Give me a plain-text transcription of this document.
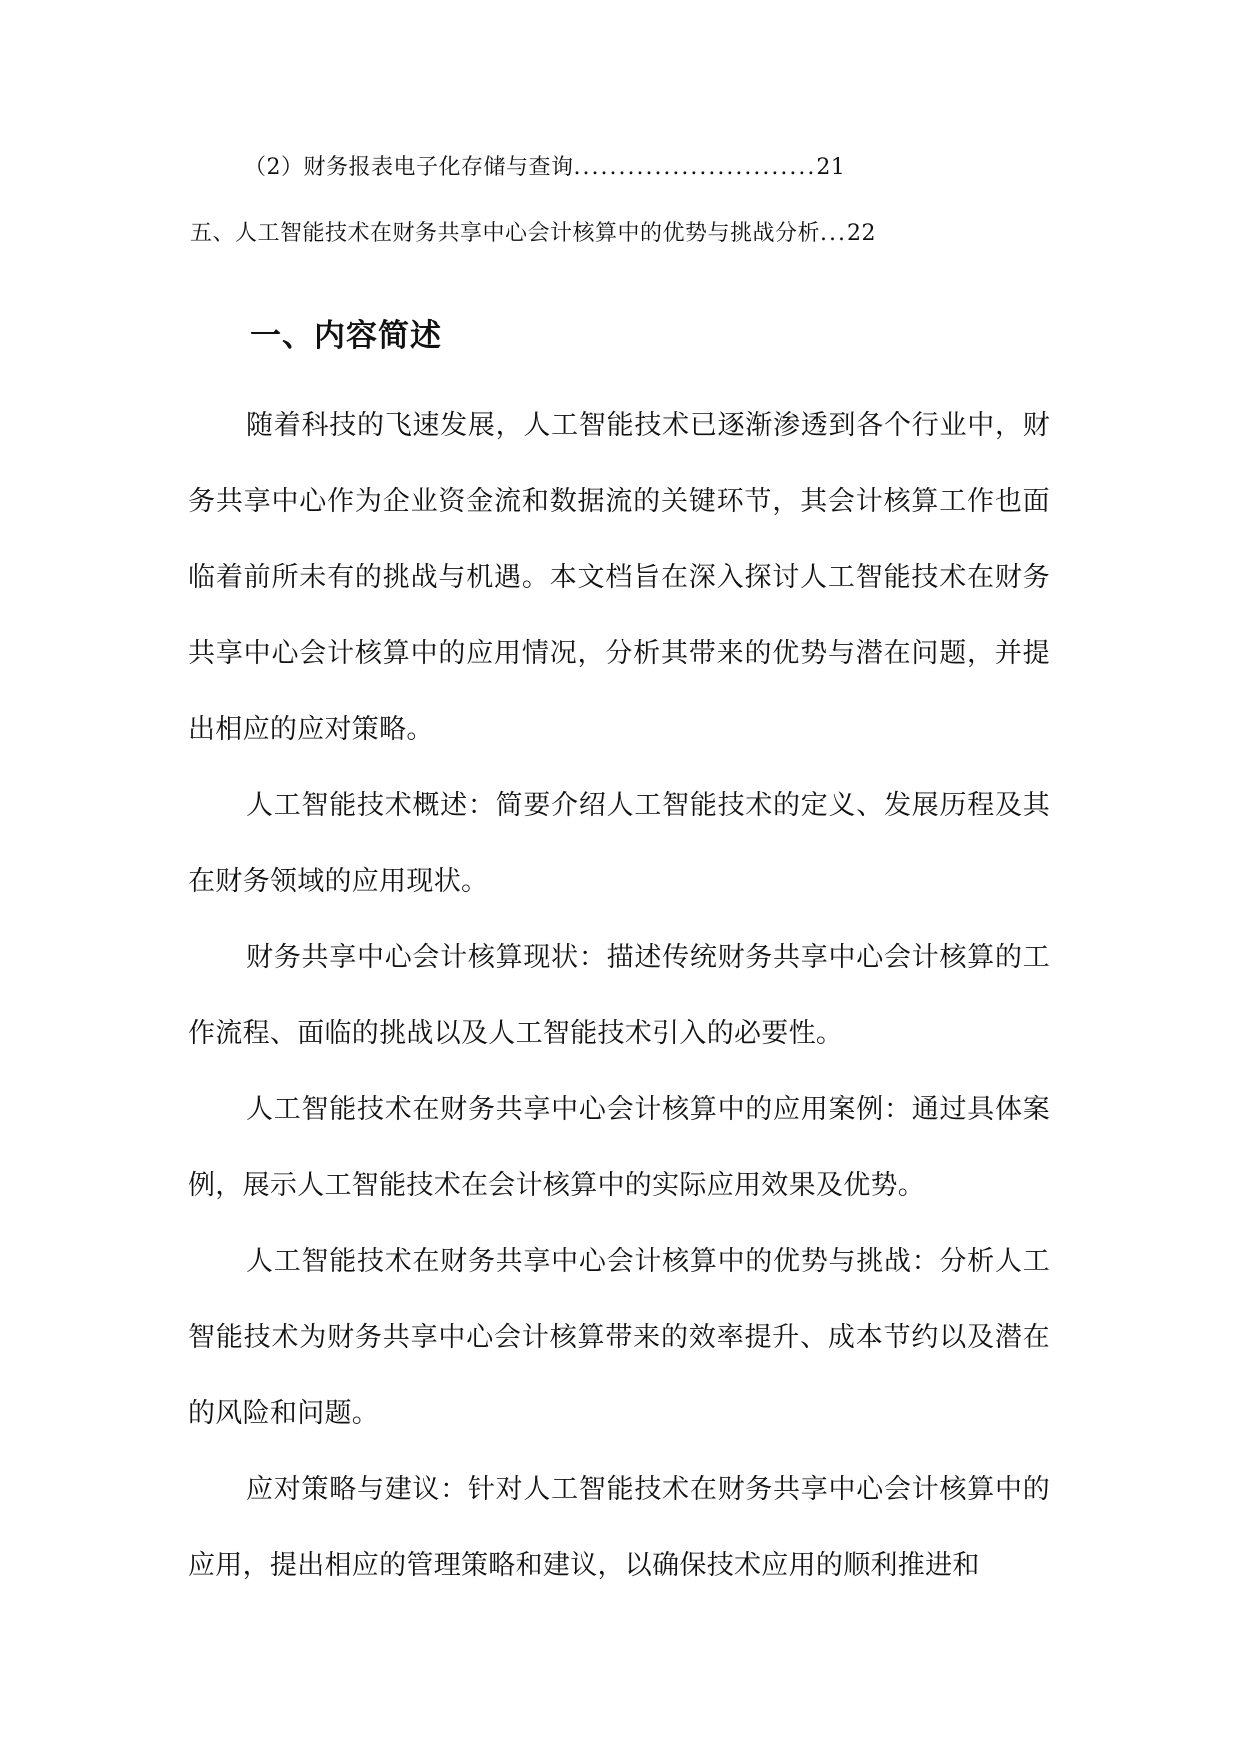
（2）财务报表电子化存储与查询...........................21
五、人工智能技术在财务共享中心会计核算中的优势与挑战分析...22
一、内容简述

随着科技的飞速发展，人工智能技术已逐渐渗透到各个行业中，财务共享中心作为企业资金流和数据流的关键环节，其会计核算工作也面临着前所未有的挑战与机遇。本文档旨在深入探讨人工智能技术在财务共享中心会计核算中的应用情况，分析其带来的优势与潜在问题，并提出相应的应对策略。

人工智能技术概述：简要介绍人工智能技术的定义、发展历程及其在财务领域的应用现状。

财务共享中心会计核算现状：描述传统财务共享中心会计核算的工作流程、面临的挑战以及人工智能技术引入的必要性。

人工智能技术在财务共享中心会计核算中的应用案例：通过具体案例，展示人工智能技术在会计核算中的实际应用效果及优势。

人工智能技术在财务共享中心会计核算中的优势与挑战：分析人工智能技术为财务共享中心会计核算带来的效率提升、成本节约以及潜在的风险和问题。

应对策略与建议：针对人工智能技术在财务共享中心会计核算中的应用，提出相应的管理策略和建议，以确保技术应用的顺利推进和
